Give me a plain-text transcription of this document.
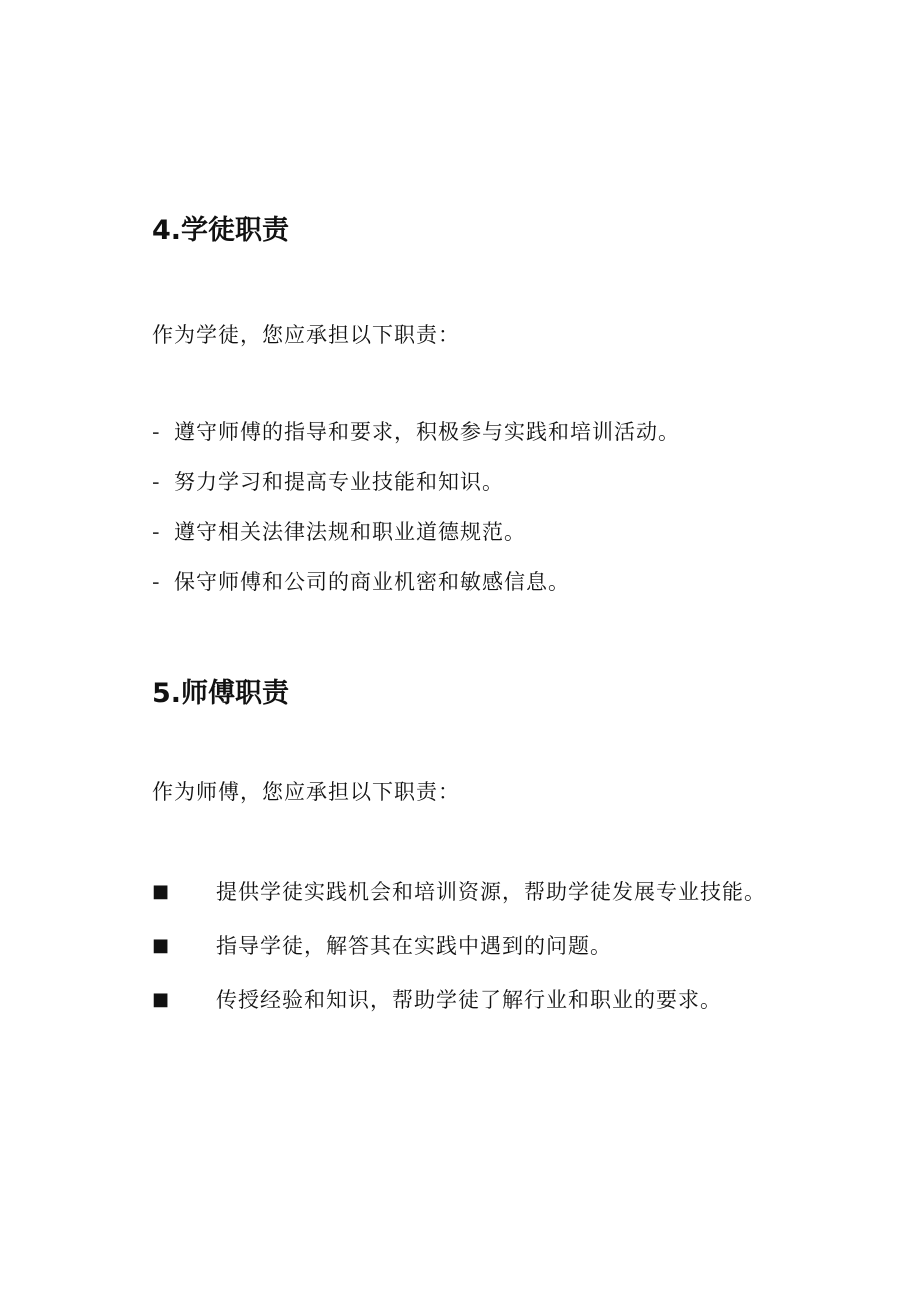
4.学徒职责

作为学徒，您应承担以下职责：

- 遵守师傅的指导和要求，积极参与实践和培训活动。
- 努力学习和提高专业技能和知识。
- 遵守相关法律法规和职业道德规范。
- 保守师傅和公司的商业机密和敏感信息。
5.师傅职责

作为师傅，您应承担以下职责：

■ 提供学徒实践机会和培训资源，帮助学徒发展专业技能。
■ 指导学徒，解答其在实践中遇到的问题。
■ 传授经验和知识，帮助学徒了解行业和职业的要求。
